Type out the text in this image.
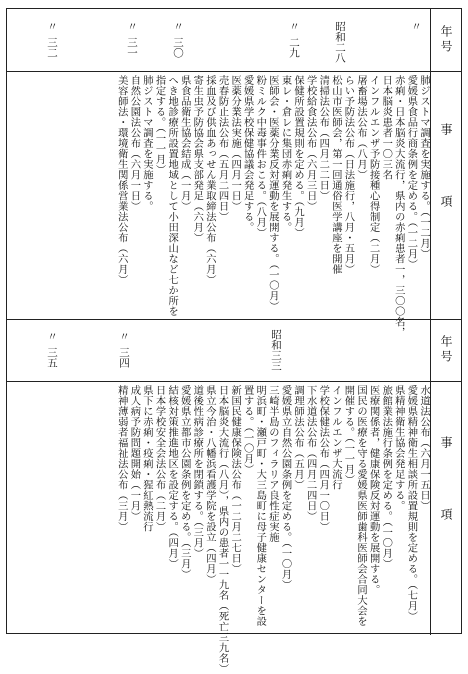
年号
事項
昭和二八
〃
二九
〃
三〇
〃
三一
〃
三二
〃
肺ジストマ調査を実施する。（一二月）
愛媛県食品行商条例を定める。（一二月）
赤痢・日本脳炎大流行，県内の赤痢患者一，三〇〇名，
日本脳炎患者一〇三名
インフルエンザ予防接種心得制定（二月）
屠畜場法公布（八月）
らい予防法公布（日法施行，八月・五月）
松山市医師会，第一回通俗医学講座を開催
清掃法公布（四月二二日）
学校給食法公布（六月三日）
保健所設置規則を定める。（九月）
東レ・倉レに集団赤痢発生する。
医師会・医薬分業反対運動を展開する。（一〇月）
粉ミルク中毒事件おこる。（八月）
愛媛県学校保健協議会発足する。
医薬分業法実施（四月一日）
売春防止法公布（五月二四日）
採血及び供血あっせん業取締法公布（六月）
寄生虫予防協会県支部発足（六月）
県食品衛生協会結成（一月）
へき地診療所設置地域として小田深山など七か所を
指定する。（一一月）
肺ジストマ調査を実施する。
自然公園法公布（六月一日）
美容師法・環境衛生関係営業法公布（六月）
年号
事項
昭和三三
〃
三四
〃
三五
水道法公布（六月一五日）
愛媛県精神衛生相談所設置規則を定める。（七月）
県精神衛生協会発足する。
旅館業法施行条例を定める。（一〇月）
医療関係者，健康保険反対運動を展開する。
国民の医療を守る愛媛県医師歯科医師会合同大会を
開催する。（一一月）
インフルエンザ大流行
学校保健法公布（四月一〇日）
下水道法公布（四月二四日）
調理師法公布（五月）
愛媛県立自然公園条例を定める。（一〇月）
三崎半島のフィラリア良性症実施
明浜町・瀬戸町・大三島町に母子健康センターを設
置する。（一〇月）
新国民健康保険法公布（一二月二七日）
日本脳炎大流行（八月），県内の患者一一九名（死亡三九名）
県立今治・八幡浜看護学院を設立（四月）
道後性病診療所を閉鎖する。（三月）
愛媛県立都市公園条例を定める。（三月）
結核対策推進地区を設定する。（四月）
日本学校安全会法公布（二月）
県下に赤痢・疫痢・猩紅熱流行
成人病予防問題開始（一月）
精神薄弱者福祉法公布（三月）
